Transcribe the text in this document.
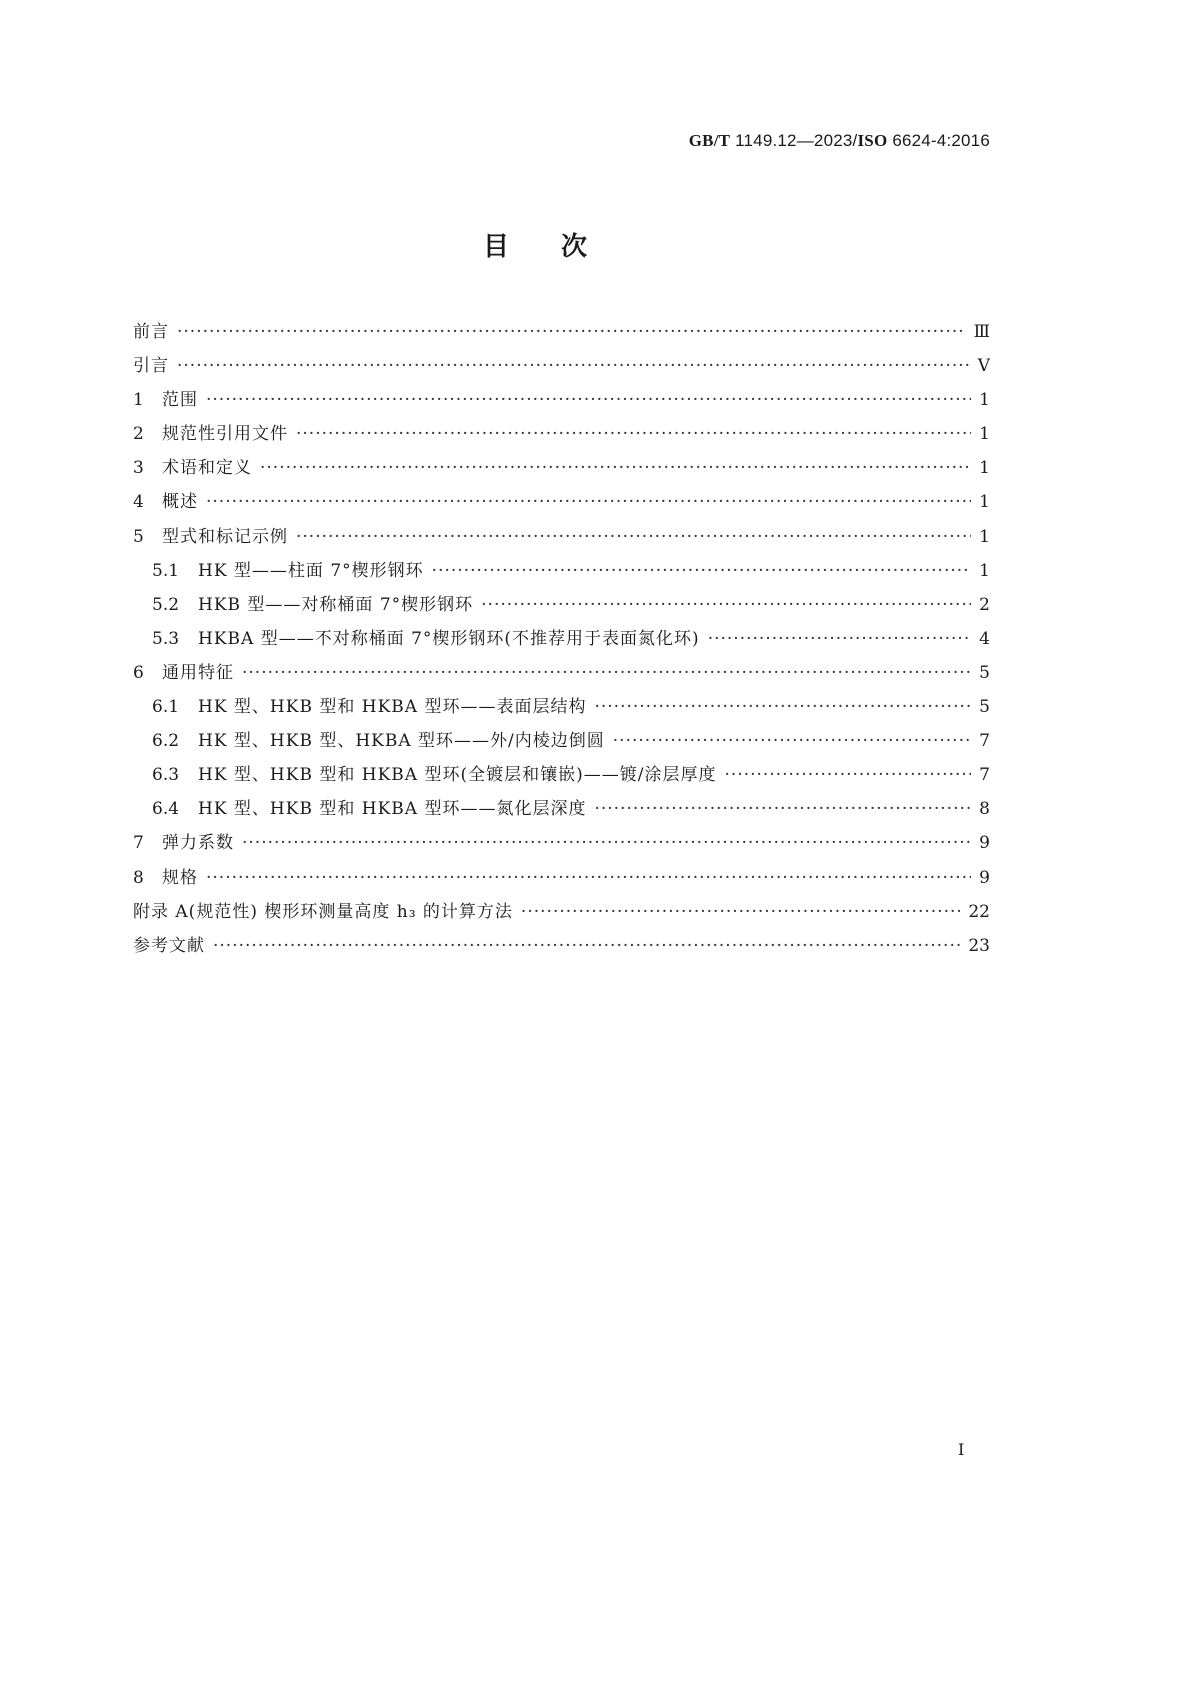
GB/T 1149.12—2023/ISO 6624-4:2016
目次
前言 ·····	Ⅲ
引言 ·····	Ⅴ
1	范围 ·····	1
2	规范性引用文件 ·····	1
3	术语和定义 ·····	1
4	概述 ·····	1
5	型式和标记示例 ·····	1
5.1	HK 型——柱面 7°楔形钢环 ·····	1
5.2	HKB 型——对称桶面 7°楔形钢环 ·····	2
5.3	HKBA 型——不对称桶面 7°楔形钢环(不推荐用于表面氮化环) ·····	4
6	通用特征 ·····	5
6.1	HK 型、HKB 型和 HKBA 型环——表面层结构 ·····	5
6.2	HK 型、HKB 型、HKBA 型环——外/内棱边倒圆 ·····	7
6.3	HK 型、HKB 型和 HKBA 型环(全镀层和镶嵌)——镀/涂层厚度 ·····	7
6.4	HK 型、HKB 型和 HKBA 型环——氮化层深度 ·····	8
7	弹力系数 ·····	9
8	规格 ·····	9
附录 A(规范性) 楔形环测量高度 h₃ 的计算方法 ·····	22
参考文献 ·····	23
I
